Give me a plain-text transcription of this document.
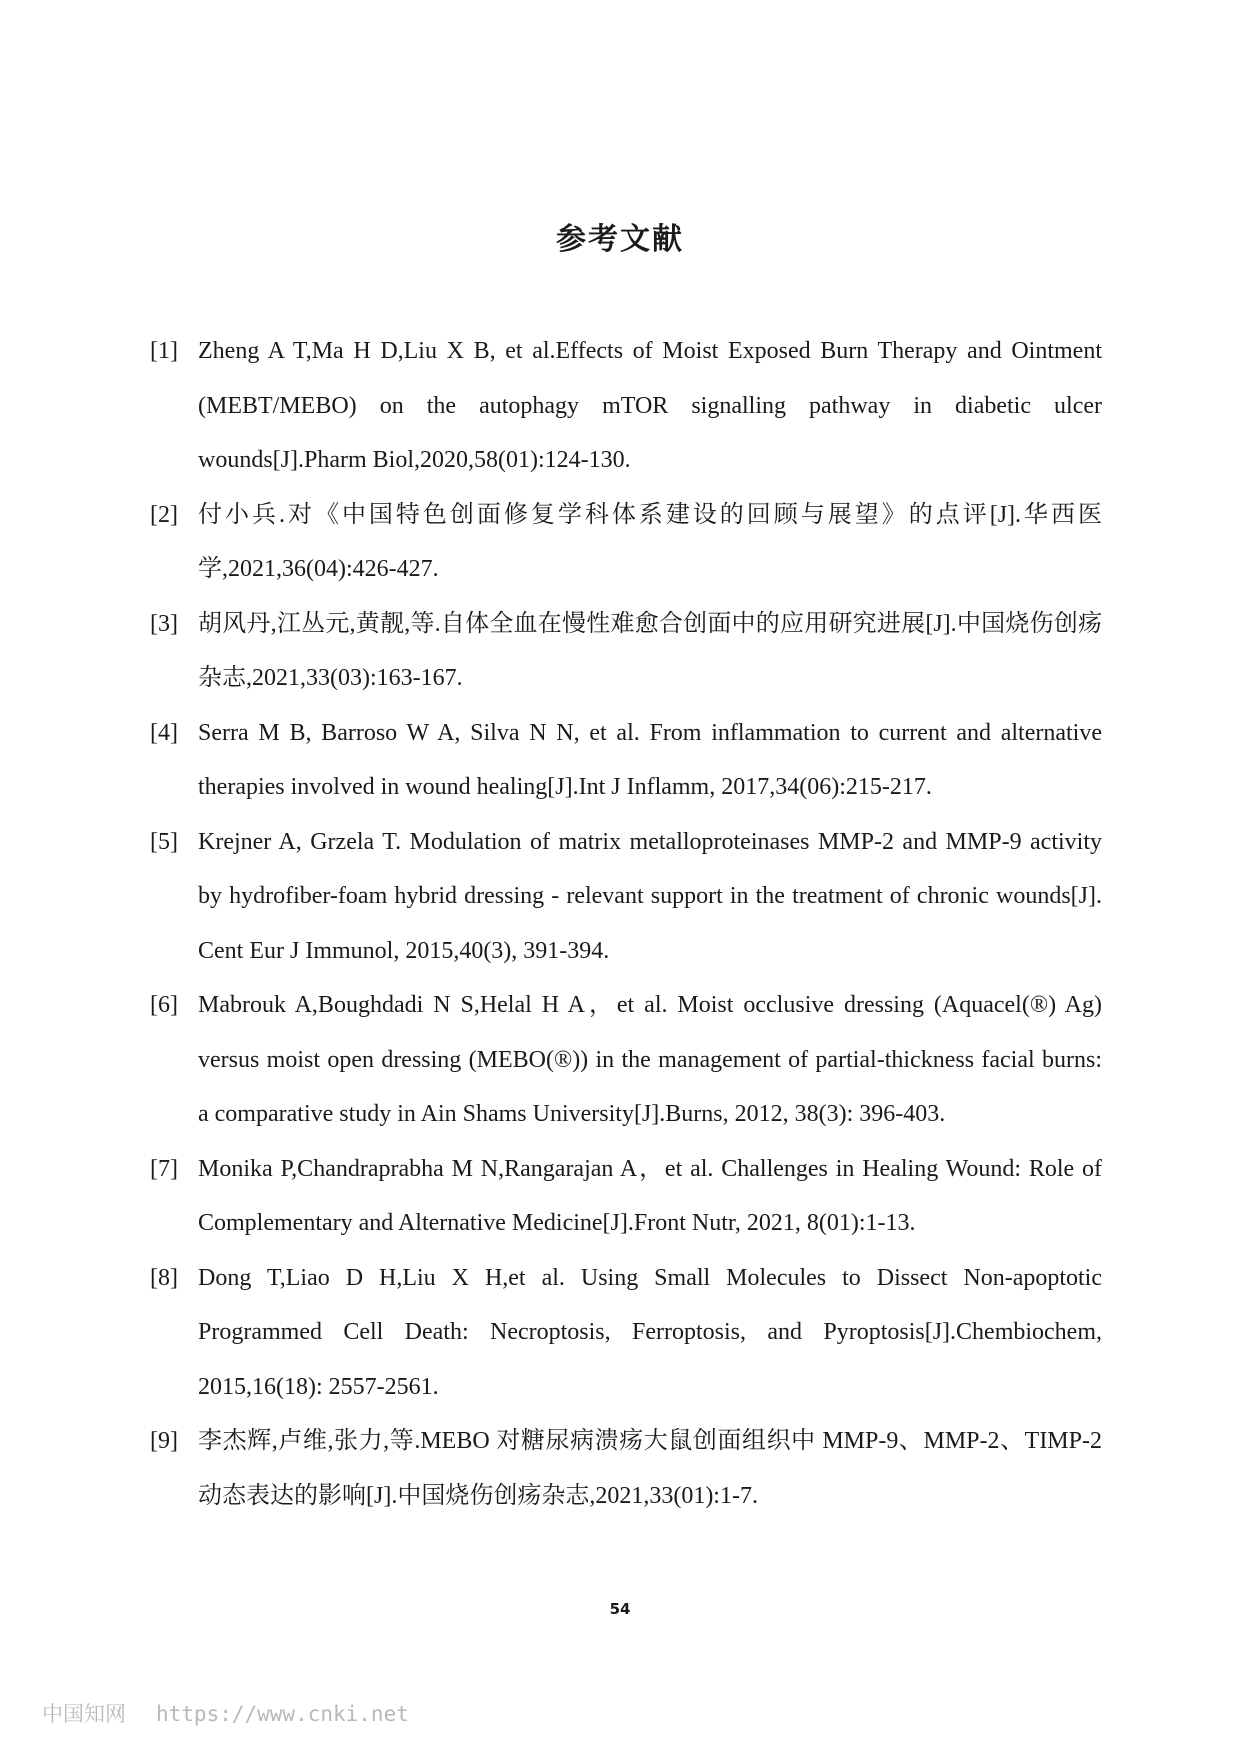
参考文献
[1] Zheng A T,Ma H D,Liu X B, et al.Effects of Moist Exposed Burn Therapy and Ointment (MEBT/MEBO) on the autophagy mTOR signalling pathway in diabetic ulcer wounds[J].Pharm Biol,2020,58(01):124-130.
[2] 付小兵.对《中国特色创面修复学科体系建设的回顾与展望》的点评[J].华西医学,2021,36(04):426-427.
[3] 胡风丹,江丛元,黄靓,等.自体全血在慢性难愈合创面中的应用研究进展[J].中国烧伤创疡杂志,2021,33(03):163-167.
[4] Serra M B, Barroso W A, Silva N N, et al. From inflammation to current and alternative therapies involved in wound healing[J].Int J Inflamm, 2017,34(06):215-217.
[5] Krejner A, Grzela T. Modulation of matrix metalloproteinases MMP-2 and MMP-9 activity by hydrofiber-foam hybrid dressing - relevant support in the treatment of chronic wounds[J]. Cent Eur J Immunol, 2015,40(3), 391-394.
[6] Mabrouk A,Boughdadi N S,Helal H A，et al. Moist occlusive dressing (Aquacel(®) Ag) versus moist open dressing (MEBO(®)) in the management of partial-thickness facial burns: a comparative study in Ain Shams University[J].Burns, 2012, 38(3): 396-403.
[7] Monika P,Chandraprabha M N,Rangarajan A，et al. Challenges in Healing Wound: Role of Complementary and Alternative Medicine[J].Front Nutr, 2021, 8(01):1-13.
[8] Dong T,Liao D H,Liu X H,et al. Using Small Molecules to Dissect Non-apoptotic Programmed Cell Death: Necroptosis, Ferroptosis, and Pyroptosis[J].Chembiochem, 2015,16(18): 2557-2561.
[9] 李杰辉,卢维,张力,等.MEBO 对糖尿病溃疡大鼠创面组织中 MMP-9、MMP-2、TIMP-2 动态表达的影响[J].中国烧伤创疡杂志,2021,33(01):1-7.
54
中国知网 https://www.cnki.net
